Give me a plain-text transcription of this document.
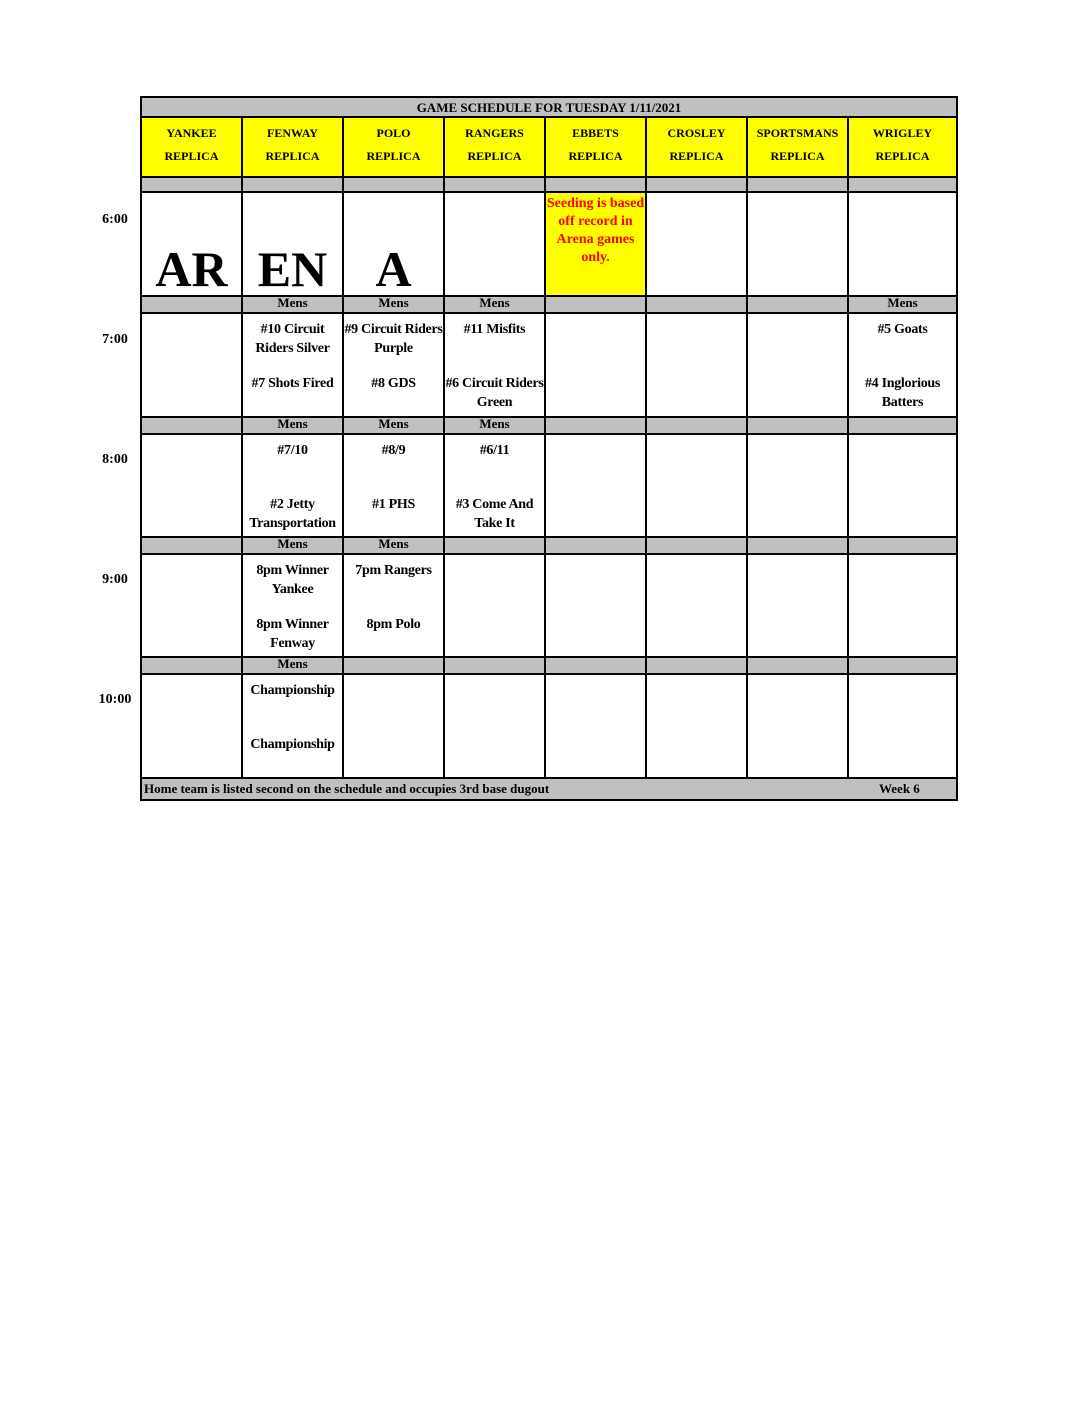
GAME SCHEDULE FOR TUESDAY 1/11/2021
YANKEE
REPLICA
FENWAY
REPLICA
POLO
REPLICA
RANGERS
REPLICA
EBBETS
REPLICA
CROSLEY
REPLICA
SPORTSMANS
REPLICA
WRIGLEY
REPLICA
AR EN A
Seeding is based off record in Arena games only.
Mens
#10 Circuit Riders Silver
#7 Shots Fired
Mens
#9 Circuit Riders Purple
#8 GDS
Mens
#11 Misfits
#6 Circuit Riders Green
Mens
#5 Goats
#4 Inglorious Batters
Mens
#7/10
#2 Jetty Transportation
Mens
#8/9
#1 PHS
Mens
#6/11
#3 Come And Take It
Mens
8pm Winner Yankee
8pm Winner Fenway
Mens
7pm Rangers
8pm Polo
Mens
Championship
Championship
Home team is listed second on the schedule and occupies 3rd base dugout	Week 6
6:00
7:00
8:00
9:00
10:00
